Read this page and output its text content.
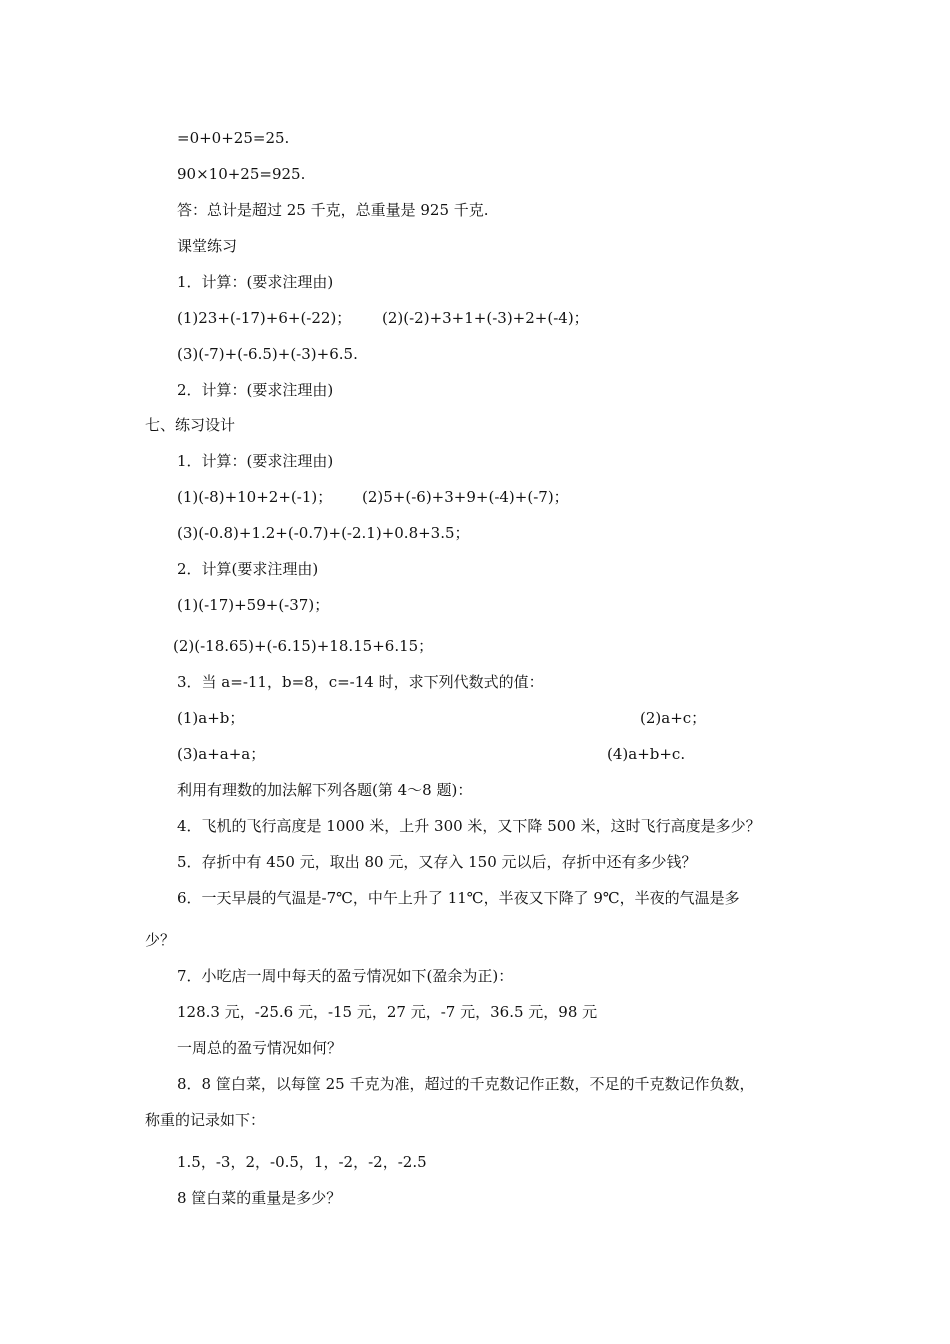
=0+0+25=25.
90×10+25=925.
答：总计是超过 25 千克，总重量是 925 千克.
课堂练习
1．计算：(要求注理由)
(1)23+(-17)+6+(-22)； (2)(-2)+3+1+(-3)+2+(-4)；
(3)(-7)+(-6.5)+(-3)+6.5.
2．计算：(要求注理由)
七、练习设计
1．计算：(要求注理由)
(1)(-8)+10+2+(-1)； (2)5+(-6)+3+9+(-4)+(-7)；
(3)(-0.8)+1.2+(-0.7)+(-2.1)+0.8+3.5；
2．计算(要求注理由)
(1)(-17)+59+(-37)；
(2)(-18.65)+(-6.15)+18.15+6.15；
3．当 a=-11，b=8，c=-14 时，求下列代数式的值：
(1)a+b；	(2)a+c；
(3)a+a+a；	(4)a+b+c.
利用有理数的加法解下列各题(第 4～8 题)：
4．飞机的飞行高度是 1000 米，上升 300 米，又下降 500 米，这时飞行高度是多少？
5．存折中有 450 元，取出 80 元，又存入 150 元以后，存折中还有多少钱？
6．一天早晨的气温是-7℃，中午上升了 11℃，半夜又下降了 9℃，半夜的气温是多
少？
7．小吃店一周中每天的盈亏情况如下(盈余为正)：
128.3 元，-25.6 元，-15 元，27 元，-7 元，36.5 元，98 元
一周总的盈亏情况如何？
8．8 筐白菜，以每筐 25 千克为准，超过的千克数记作正数，不足的千克数记作负数，
称重的记录如下：
1.5，-3，2，-0.5，1，-2，-2，-2.5
8 筐白菜的重量是多少？
